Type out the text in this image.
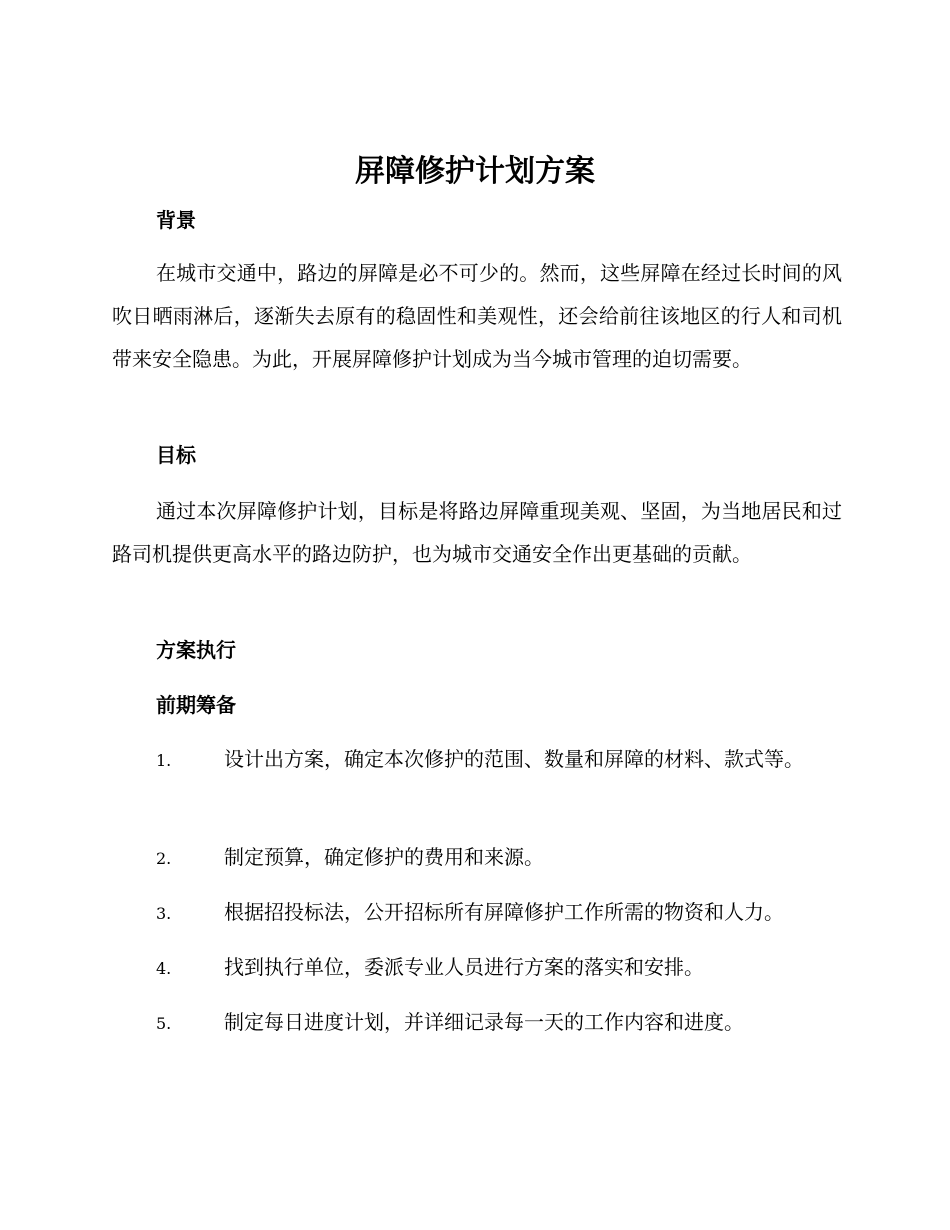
屏障修护计划方案
背景

在城市交通中，路边的屏障是必不可少的。然而，这些屏障在经过长时间的风吹日晒雨淋后，逐渐失去原有的稳固性和美观性，还会给前往该地区的行人和司机带来安全隐患。为此，开展屏障修护计划成为当今城市管理的迫切需要。

目标

通过本次屏障修护计划，目标是将路边屏障重现美观、坚固，为当地居民和过路司机提供更高水平的路边防护，也为城市交通安全作出更基础的贡献。

方案执行
前期筹备
1.	设计出方案，确定本次修护的范围、数量和屏障的材料、款式等。
2.	制定预算，确定修护的费用和来源。
3.	根据招投标法，公开招标所有屏障修护工作所需的物资和人力。
4.	找到执行单位，委派专业人员进行方案的落实和安排。
5.	制定每日进度计划，并详细记录每一天的工作内容和进度。
